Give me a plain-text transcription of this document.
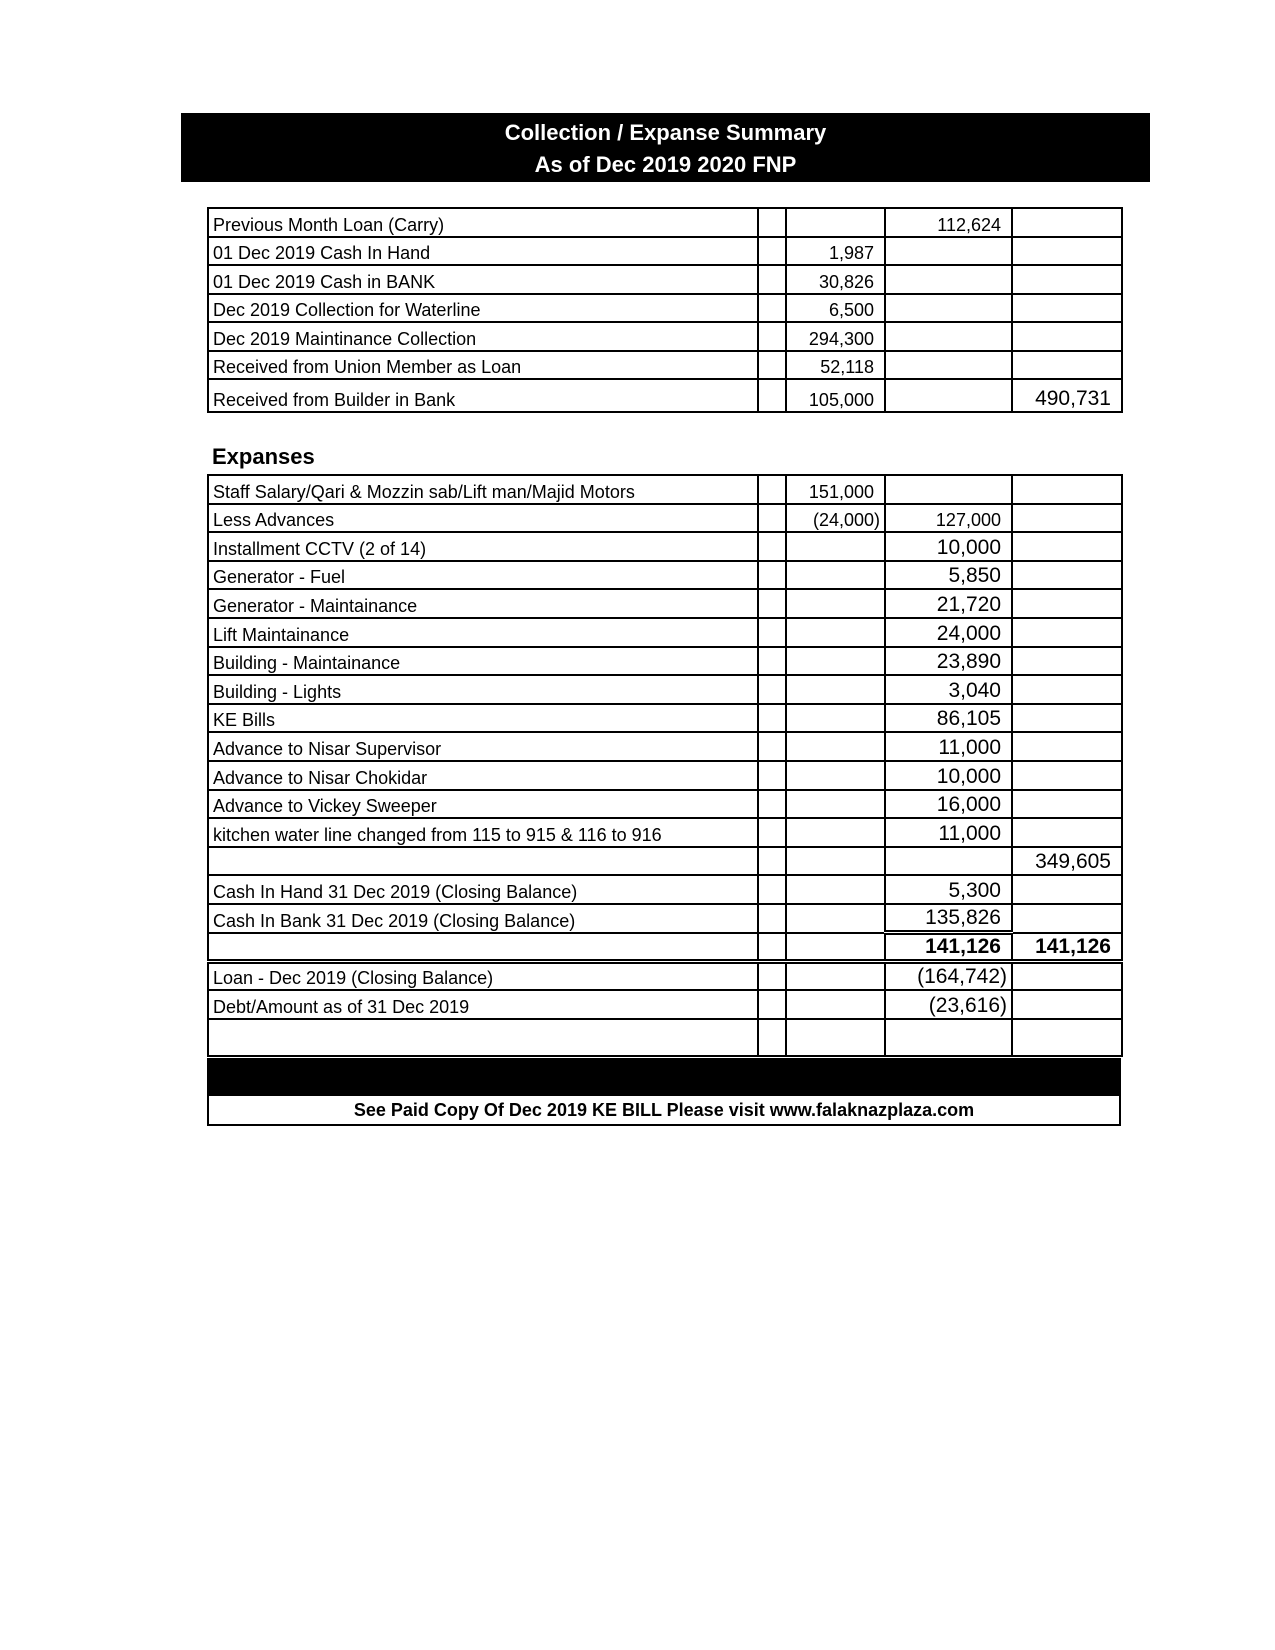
Collection / Expanse Summary
As of Dec 2019 2020 FNP
Previous Month Loan (Carry)			112,624	
01 Dec 2019 Cash In Hand		1,987		
01 Dec 2019 Cash in BANK		30,826		
Dec 2019 Collection for Waterline		6,500		
Dec 2019 Maintinance Collection		294,300		
Received from Union Member as Loan		52,118		
Received from Builder in Bank		105,000		490,731
Expanses
Staff Salary/Qari & Mozzin sab/Lift man/Majid Motors		151,000		
Less Advances		(24,000)	127,000	
Installment CCTV (2 of 14)			10,000	
Generator - Fuel			5,850	
Generator - Maintainance			21,720	
Lift Maintainance			24,000	
Building - Maintainance			23,890	
Building - Lights			3,040	
KE Bills			86,105	
Advance to Nisar Supervisor			11,000	
Advance to Nisar Chokidar			10,000	
Advance to Vickey Sweeper			16,000	
kitchen water line changed from 115 to 915 & 116 to 916			11,000	
				349,605
Cash In Hand 31 Dec 2019 (Closing Balance)			5,300	
Cash In Bank 31 Dec 2019 (Closing Balance)			135,826	
			141,126	141,126
Loan - Dec 2019 (Closing Balance)			(164,742)	
Debt/Amount as of 31 Dec 2019			(23,616)	

See Paid Copy Of Dec 2019 KE BILL Please visit www.falaknazplaza.com
